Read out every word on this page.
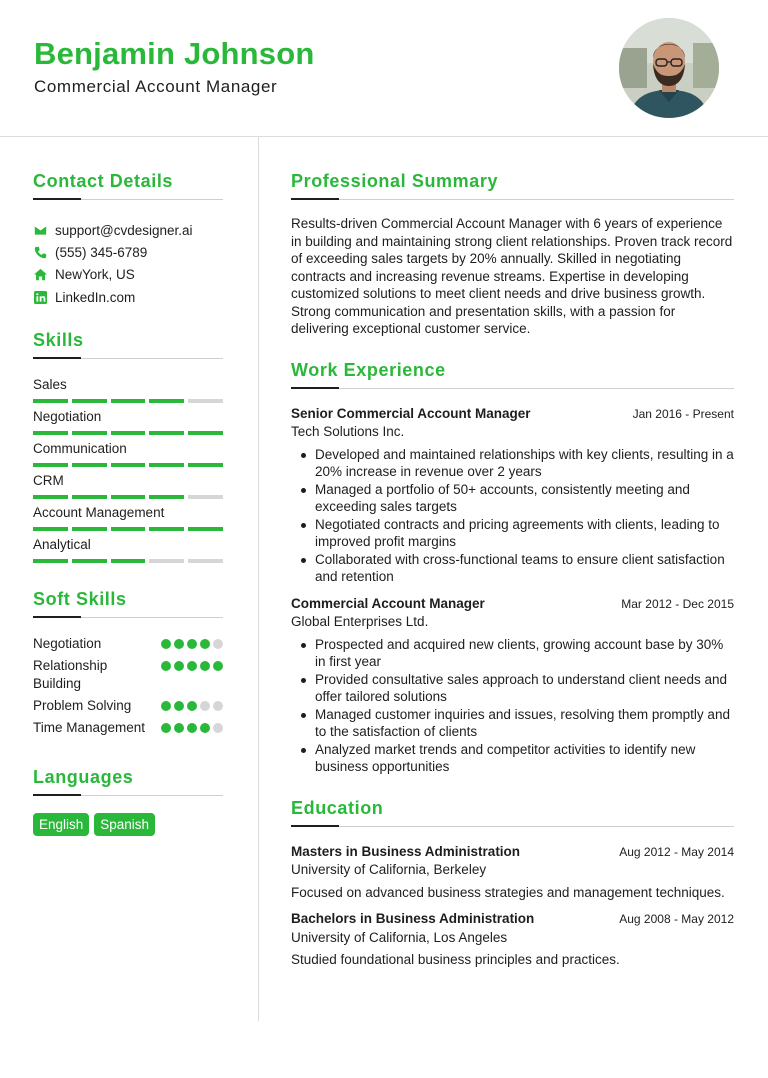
Benjamin Johnson
Commercial Account Manager
Contact Details
support@cvdesigner.ai
(555) 345-6789
NewYork, US
LinkedIn.com
Skills
Sales
Negotiation
Communication
CRM
Account Management
Analytical
Soft Skills
Negotiation
Relationship Building
Problem Solving
Time Management
Languages
English	Spanish
Professional Summary
Results-driven Commercial Account Manager with 6 years of experience in building and maintaining strong client relationships. Proven track record of exceeding sales targets by 20% annually. Skilled in negotiating contracts and increasing revenue streams. Expertise in developing customized solutions to meet client needs and drive business growth. Strong communication and presentation skills, with a passion for delivering exceptional customer service.
Work Experience
Senior Commercial Account Manager	Jan 2016 - Present
Tech Solutions Inc.
Developed and maintained relationships with key clients, resulting in a 20% increase in revenue over 2 years
Managed a portfolio of 50+ accounts, consistently meeting and exceeding sales targets
Negotiated contracts and pricing agreements with clients, leading to improved profit margins
Collaborated with cross-functional teams to ensure client satisfaction and retention
Commercial Account Manager	Mar 2012 - Dec 2015
Global Enterprises Ltd.
Prospected and acquired new clients, growing account base by 30% in first year
Provided consultative sales approach to understand client needs and offer tailored solutions
Managed customer inquiries and issues, resolving them promptly and to the satisfaction of clients
Analyzed market trends and competitor activities to identify new business opportunities
Education
Masters in Business Administration	Aug 2012 - May 2014
University of California, Berkeley
Focused on advanced business strategies and management techniques.
Bachelors in Business Administration	Aug 2008 - May 2012
University of California, Los Angeles
Studied foundational business principles and practices.
